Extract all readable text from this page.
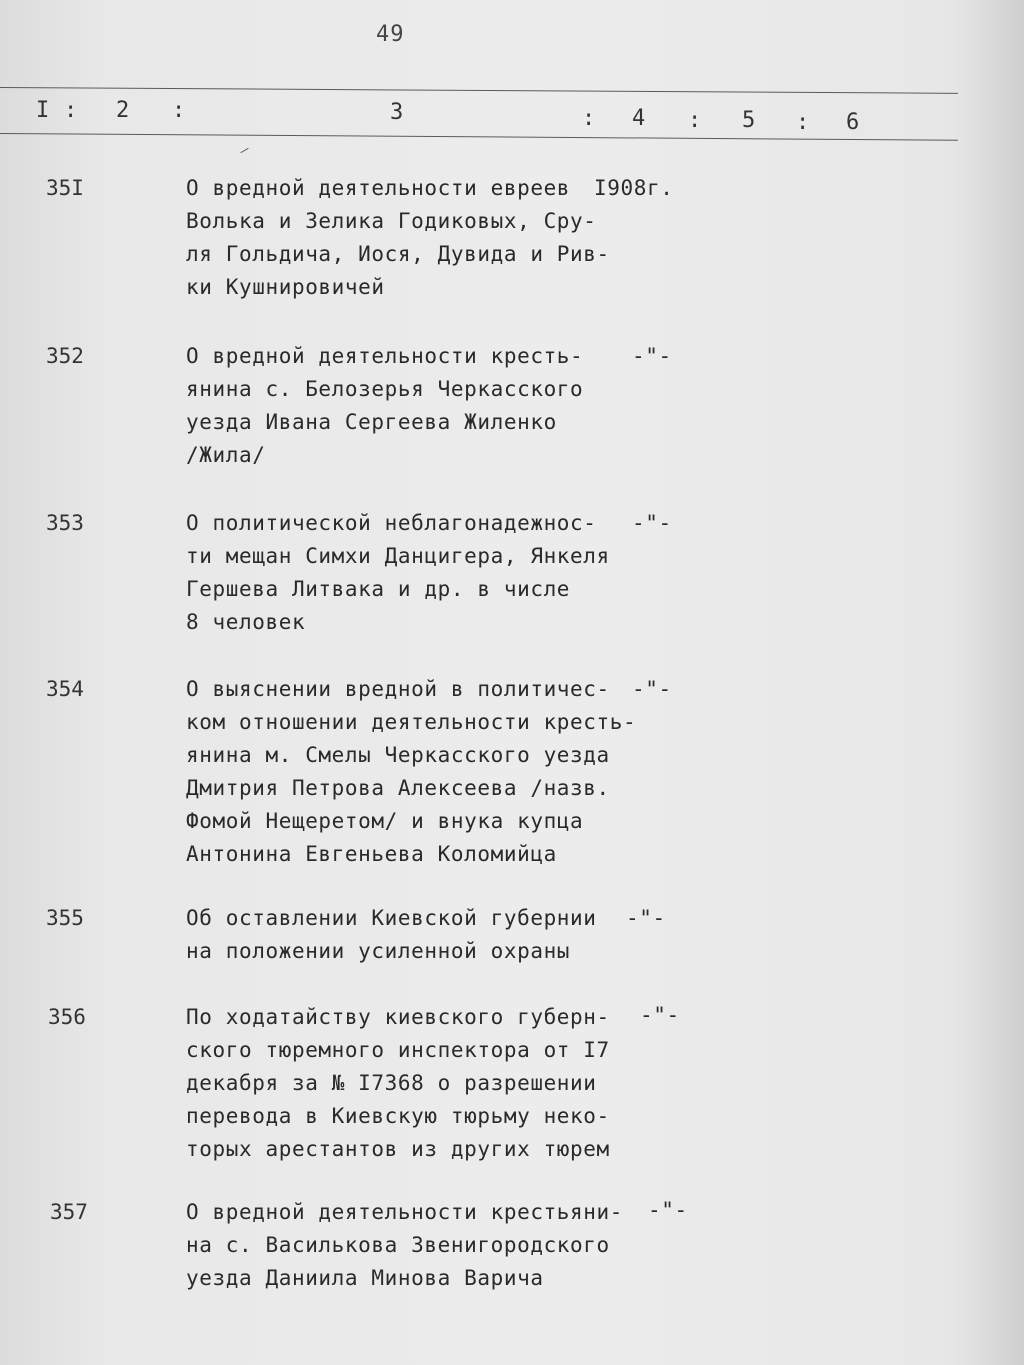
49
I : 2 :	3	: 4 : 5 : 6
35I	О вредной деятельности евреев
Волька и Зелика Годиковых, Сру-
ля Гольдича, Иося, Дувида и Рив-
ки Кушнировичей
I908г.
352	О вредной деятельности кресть-
янина с. Белозерья Черкасского
уезда Ивана Сергеева Жиленко
/Жила/
-"-
353	О политической неблагонадежнос-
ти мещан Симхи Данцигера, Янкеля
Гершева Литвака и др. в числе
8 человек
-"-
354	О выяснении вредной в политичес-
ком отношении деятельности кресть-
янина м. Смелы Черкасского уезда
Дмитрия Петрова Алексеева /назв.
Фомой Нещеретом/ и внука купца
Антонина Евгеньева Коломийца
-"-
355	Об оставлении Киевской губернии
на положении усиленной охраны
-"-
356	По ходатайству киевского губерн-
ского тюремного инспектора от I7
декабря за № I7368 о разрешении
перевода в Киевскую тюрьму неко-
торых арестантов из других тюрем
-"-
357	О вредной деятельности крестьяни-
на с. Василькова Звенигородского
уезда Даниила Минова Варича
-"-
